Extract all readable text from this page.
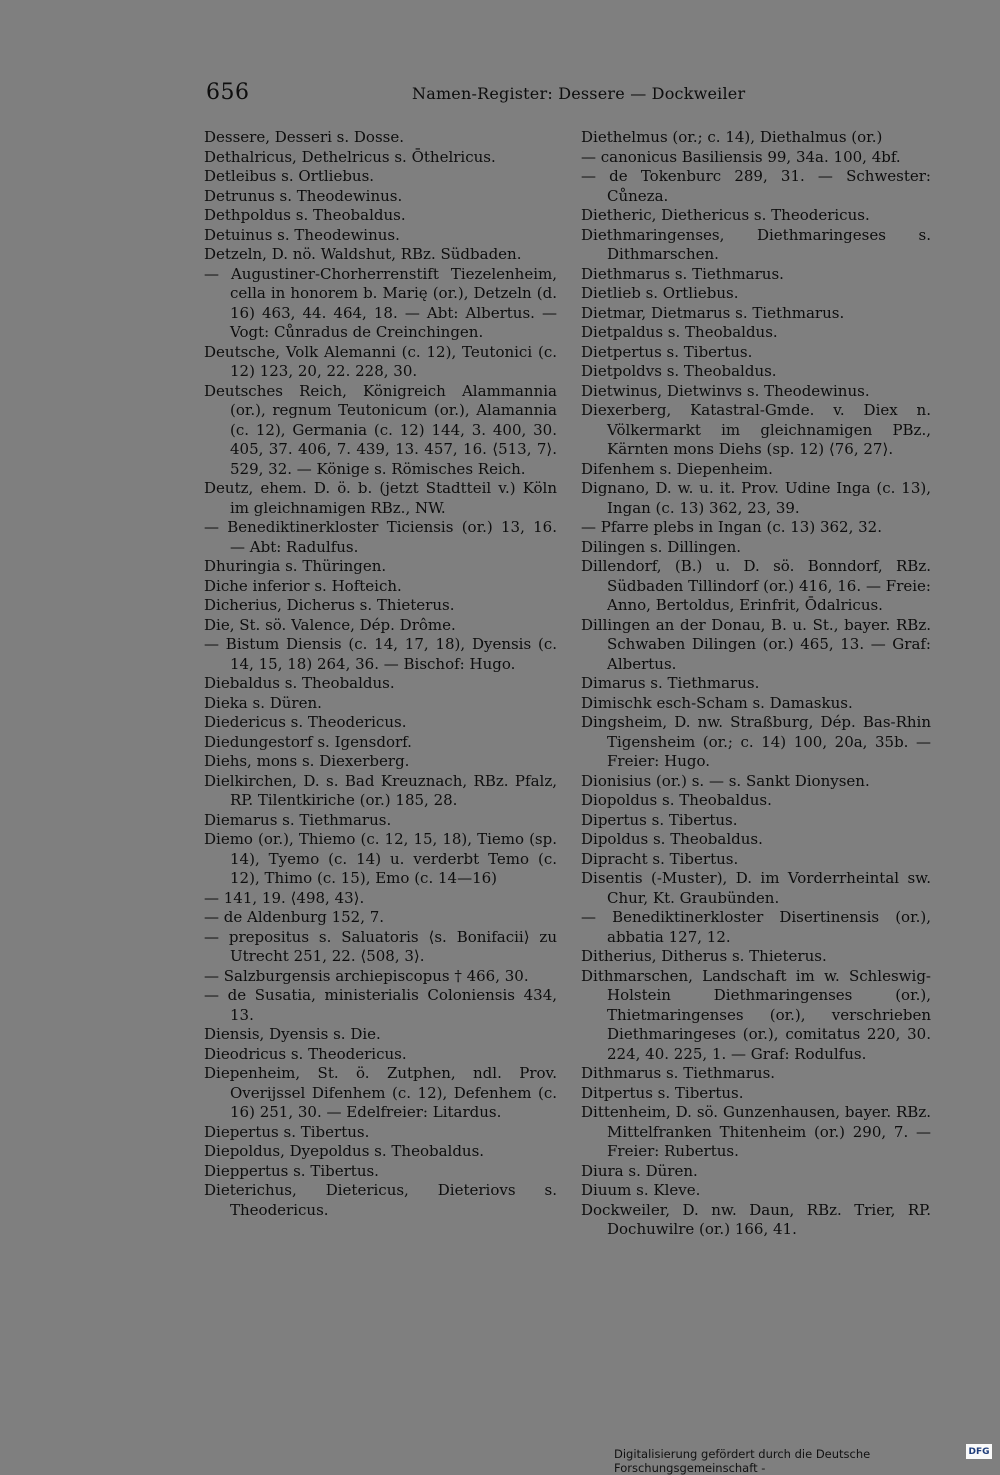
656	Namen-Register: Dessere — Dockweiler

Dessere, Desseri s. Dosse.

Dethalricus, Dethelricus s. Ōthelricus.

Detleibus s. Ortliebus.

Detrunus s. Theodewinus.

Dethpoldus s. Theobaldus.

Detuinus s. Theodewinus.

Detzeln, D. nö. Waldshut, RBz. Südbaden.

— Augustiner-Chorherrenstift Tiezelenheim, cella in honorem b. Marię (or.), Detzeln (d. 16) 463, 44. 464, 18. — Abt: Albertus. — Vogt: Cůnradus de Creinchingen.

Deutsche, Volk Alemanni (c. 12), Teutonici (c. 12) 123, 20, 22. 228, 30.

Deutsches Reich, Königreich Alammannia (or.), regnum Teutonicum (or.), Alamannia (c. 12), Germania (c. 12) 144, 3. 400, 30. 405, 37. 406, 7. 439, 13. 457, 16. ⟨513, 7⟩. 529, 32. — Könige s. Römisches Reich.

Deutz, ehem. D. ö. b. (jetzt Stadtteil v.) Köln im gleichnamigen RBz., NW.

— Benediktinerkloster Ticiensis (or.) 13, 16. — Abt: Radulfus.

Dhuringia s. Thüringen.

Diche inferior s. Hofteich.

Dicherius, Dicherus s. Thieterus.

Die, St. sö. Valence, Dép. Drôme.

— Bistum Diensis (c. 14, 17, 18), Dyensis (c. 14, 15, 18) 264, 36. — Bischof: Hugo.

Diebaldus s. Theobaldus.

Dieka s. Düren.

Diedericus s. Theodericus.

Diedungestorf s. Igensdorf.

Diehs, mons s. Diexerberg.

Dielkirchen, D. s. Bad Kreuznach, RBz. Pfalz, RP. Tilentkiriche (or.) 185, 28.

Diemarus s. Tiethmarus.

Diemo (or.), Thiemo (c. 12, 15, 18), Tiemo (sp. 14), Tyemo (c. 14) u. verderbt Temo (c. 12), Thimo (c. 15), Emo (c. 14—16)

— 141, 19. ⟨498, 43⟩.

— de Aldenburg 152, 7.

— prepositus s. Saluatoris ⟨s. Bonifacii⟩ zu Utrecht 251, 22. ⟨508, 3⟩.

— Salzburgensis archiepiscopus † 466, 30.

— de Susatia, ministerialis Coloniensis 434, 13.

Diensis, Dyensis s. Die.

Dieodricus s. Theodericus.

Diepenheim, St. ö. Zutphen, ndl. Prov. Overijssel Difenhem (c. 12), Defenhem (c. 16) 251, 30. — Edelfreier: Litardus.

Diepertus s. Tibertus.

Diepoldus, Dyepoldus s. Theobaldus.

Dieppertus s. Tibertus.

Dieterichus, Dietericus, Dieteriovs s. Theodericus.

Diethelmus (or.; c. 14), Diethalmus (or.)

— canonicus Basiliensis 99, 34a. 100, 4bf.

— de Tokenburc 289, 31. — Schwester: Cůneza.

Dietheric, Diethericus s. Theodericus.

Diethmaringenses, Diethmaringeses s. Dithmarschen.

Diethmarus s. Tiethmarus.

Dietlieb s. Ortliebus.

Dietmar, Dietmarus s. Tiethmarus.

Dietpaldus s. Theobaldus.

Dietpertus s. Tibertus.

Dietpoldvs s. Theobaldus.

Dietwinus, Dietwinvs s. Theodewinus.

Diexerberg, Katastral-Gmde. v. Diex n. Völkermarkt im gleichnamigen PBz., Kärnten mons Diehs (sp. 12) ⟨76, 27⟩.

Difenhem s. Diepenheim.

Dignano, D. w. u. it. Prov. Udine Inga (c. 13), Ingan (c. 13) 362, 23, 39.

— Pfarre plebs in Ingan (c. 13) 362, 32.

Dilingen s. Dillingen.

Dillendorf, (B.) u. D. sö. Bonndorf, RBz. Südbaden Tillindorf (or.) 416, 16. — Freie: Anno, Bertoldus, Erinfrit, Ōdalricus.

Dillingen an der Donau, B. u. St., bayer. RBz. Schwaben Dilingen (or.) 465, 13. — Graf: Albertus.

Dimarus s. Tiethmarus.

Dimischk esch-Scham s. Damaskus.

Dingsheim, D. nw. Straßburg, Dép. Bas-Rhin Tigensheim (or.; c. 14) 100, 20a, 35b. — Freier: Hugo.

Dionisius (or.) s. — s. Sankt Dionysen.

Diopoldus s. Theobaldus.

Dipertus s. Tibertus.

Dipoldus s. Theobaldus.

Dipracht s. Tibertus.

Disentis (-Muster), D. im Vorderrheintal sw. Chur, Kt. Graubünden.

— Benediktinerkloster Disertinensis (or.), abbatia 127, 12.

Ditherius, Ditherus s. Thieterus.

Dithmarschen, Landschaft im w. Schleswig-Holstein Diethmaringenses (or.), Thietmaringenses (or.), verschrieben Diethmaringeses (or.), comitatus 220, 30. 224, 40. 225, 1. — Graf: Rodulfus.

Dithmarus s. Tiethmarus.

Ditpertus s. Tibertus.

Dittenheim, D. sö. Gunzenhausen, bayer. RBz. Mittelfranken Thitenheim (or.) 290, 7. — Freier: Rubertus.

Diura s. Düren.

Diuum s. Kleve.

Dockweiler, D. nw. Daun, RBz. Trier, RP. Dochuwilre (or.) 166, 41.

Digitalisierung gefördert durch die Deutsche Forschungsgemeinschaft -
DFG
